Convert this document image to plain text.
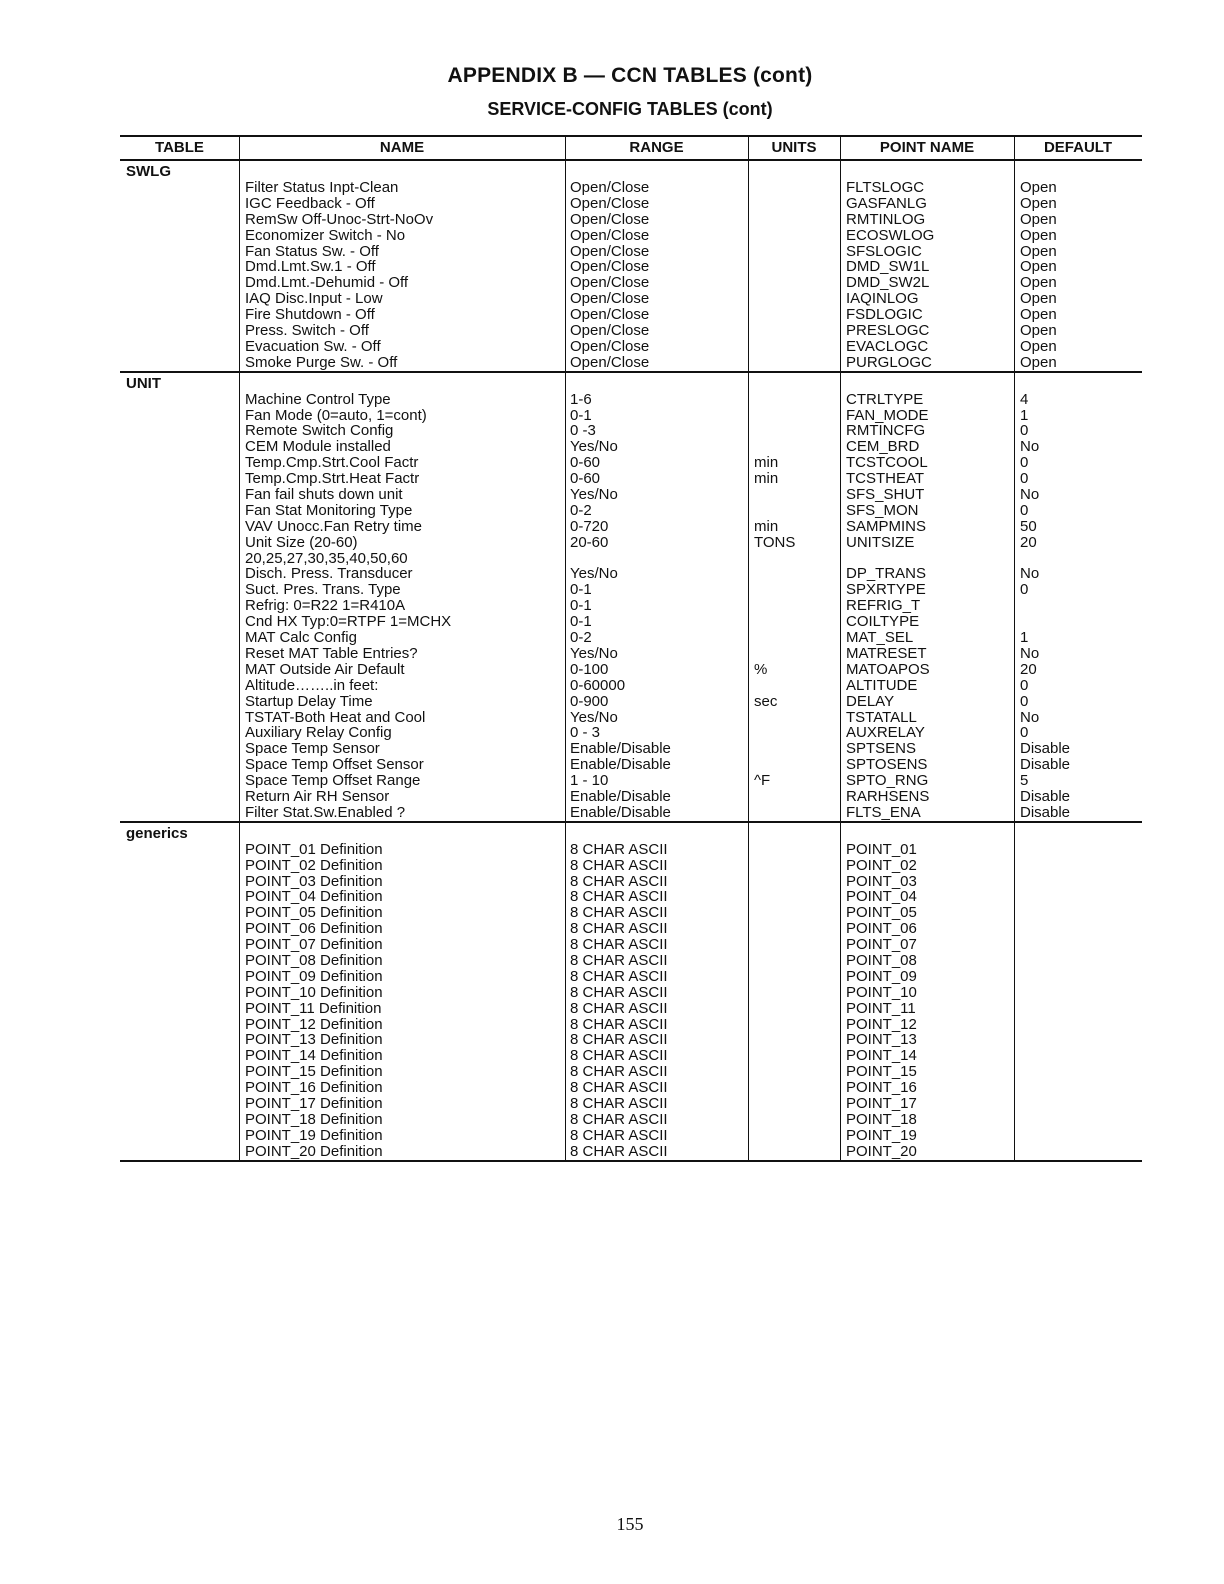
APPENDIX B — CCN TABLES (cont)
SERVICE-CONFIG TABLES (cont)
TABLE	NAME	RANGE	UNITS	POINT NAME	DEFAULT
SWLG
Filter Status Inpt-Clean	Open/Close	FLTSLOGC	Open
IGC Feedback - Off	Open/Close	GASFANLG	Open
RemSw Off-Unoc-Strt-NoOv	Open/Close	RMTINLOG	Open
Economizer Switch - No	Open/Close	ECOSWLOG	Open
Fan Status Sw. - Off	Open/Close	SFSLOGIC	Open
Dmd.Lmt.Sw.1 - Off	Open/Close	DMD_SW1L	Open
Dmd.Lmt.-Dehumid - Off	Open/Close	DMD_SW2L	Open
IAQ Disc.Input - Low	Open/Close	IAQINLOG	Open
Fire Shutdown - Off	Open/Close	FSDLOGIC	Open
Press. Switch - Off	Open/Close	PRESLOGC	Open
Evacuation Sw. - Off	Open/Close	EVACLOGC	Open
Smoke Purge Sw. - Off	Open/Close	PURGLOGC	Open
UNIT
Machine Control Type	1-6	CTRLTYPE	4
Fan Mode (0=auto, 1=cont)	0-1	FAN_MODE	1
Remote Switch Config	0 -3	RMTINCFG	0
CEM Module installed	Yes/No	CEM_BRD	No
Temp.Cmp.Strt.Cool Factr	0-60	min	TCSTCOOL	0
Temp.Cmp.Strt.Heat Factr	0-60	min	TCSTHEAT	0
Fan fail shuts down unit	Yes/No	SFS_SHUT	No
Fan Stat Monitoring Type	0-2	SFS_MON	0
VAV Unocc.Fan Retry time	0-720	min	SAMPMINS	50
Unit Size (20-60)	20-60	TONS	UNITSIZE	20
20,25,27,30,35,40,50,60
Disch. Press. Transducer	Yes/No	DP_TRANS	No
Suct. Pres. Trans. Type	0-1	SPXRTYPE	0
Refrig: 0=R22 1=R410A	0-1	REFRIG_T
Cnd HX Typ:0=RTPF 1=MCHX	0-1	COILTYPE
MAT Calc Config	0-2	MAT_SEL	1
Reset MAT Table Entries?	Yes/No	MATRESET	No
MAT Outside Air Default	0-100	%	MATOAPOS	20
Altitude……..in feet:	0-60000	ALTITUDE	0
Startup Delay Time	0-900	sec	DELAY	0
TSTAT-Both Heat and Cool	Yes/No	TSTATALL	No
Auxiliary Relay Config	0 - 3	AUXRELAY	0
Space Temp Sensor	Enable/Disable	SPTSENS	Disable
Space Temp Offset Sensor	Enable/Disable	SPTOSENS	Disable
Space Temp Offset Range	1 - 10	^F	SPTO_RNG	5
Return Air RH Sensor	Enable/Disable	RARHSENS	Disable
Filter Stat.Sw.Enabled ?	Enable/Disable	FLTS_ENA	Disable
generics
POINT_01 Definition	8 CHAR ASCII	POINT_01
POINT_02 Definition	8 CHAR ASCII	POINT_02
POINT_03 Definition	8 CHAR ASCII	POINT_03
POINT_04 Definition	8 CHAR ASCII	POINT_04
POINT_05 Definition	8 CHAR ASCII	POINT_05
POINT_06 Definition	8 CHAR ASCII	POINT_06
POINT_07 Definition	8 CHAR ASCII	POINT_07
POINT_08 Definition	8 CHAR ASCII	POINT_08
POINT_09 Definition	8 CHAR ASCII	POINT_09
POINT_10 Definition	8 CHAR ASCII	POINT_10
POINT_11 Definition	8 CHAR ASCII	POINT_11
POINT_12 Definition	8 CHAR ASCII	POINT_12
POINT_13 Definition	8 CHAR ASCII	POINT_13
POINT_14 Definition	8 CHAR ASCII	POINT_14
POINT_15 Definition	8 CHAR ASCII	POINT_15
POINT_16 Definition	8 CHAR ASCII	POINT_16
POINT_17 Definition	8 CHAR ASCII	POINT_17
POINT_18 Definition	8 CHAR ASCII	POINT_18
POINT_19 Definition	8 CHAR ASCII	POINT_19
POINT_20 Definition	8 CHAR ASCII	POINT_20
155
